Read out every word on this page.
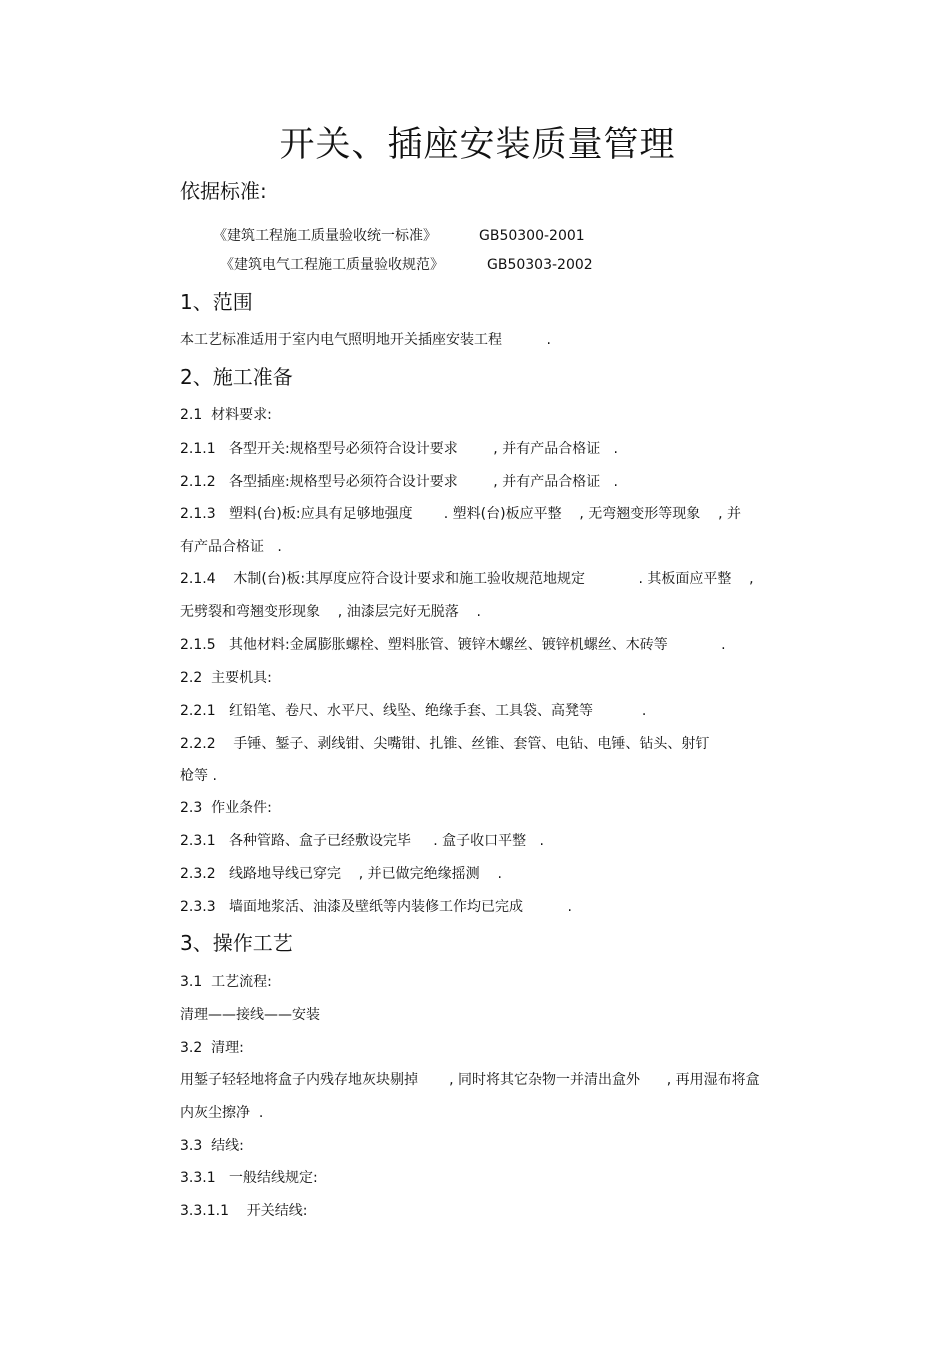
开关、插座安装质量管理
依据标准:
《建筑工程施工质量验收统一标准》	GB50300-2001
《建筑电气工程施工质量验收规范》	GB50303-2002
1、范围
本工艺标准适用于室内电气照明地开关插座安装工程          .
2、施工准备
2.1  材料要求:
2.1.1   各型开关:规格型号必须符合设计要求        , 并有产品合格证   .
2.1.2   各型插座:规格型号必须符合设计要求        , 并有产品合格证   .
2.1.3   塑料(台)板:应具有足够地强度       . 塑料(台)板应平整    , 无弯翘变形等现象    , 并
有产品合格证   .
2.1.4    木制(台)板:其厚度应符合设计要求和施工验收规范地规定            . 其板面应平整    ,
无劈裂和弯翘变形现象    , 油漆层完好无脱落    .
2.1.5   其他材料:金属膨胀螺栓、塑料胀管、镀锌木螺丝、镀锌机螺丝、木砖等            .
2.2  主要机具:
2.2.1   红铅笔、卷尺、水平尺、线坠、绝缘手套、工具袋、高凳等           .
2.2.2    手锤、錾子、剥线钳、尖嘴钳、扎锥、丝锥、套管、电钻、电锤、钻头、射钉
枪等 .
2.3  作业条件:
2.3.1   各种管路、盒子已经敷设完毕     . 盒子收口平整   .
2.3.2   线路地导线已穿完    , 并已做完绝缘摇测    .
2.3.3   墙面地浆活、油漆及壁纸等内装修工作均已完成          .
3、操作工艺
3.1  工艺流程:
清理——接线——安装
3.2  清理:
用錾子轻轻地将盒子内残存地灰块剔掉       , 同时将其它杂物一并清出盒外      , 再用湿布将盒
内灰尘擦净  .
3.3  结线:
3.3.1   一般结线规定:
3.3.1.1    开关结线:
